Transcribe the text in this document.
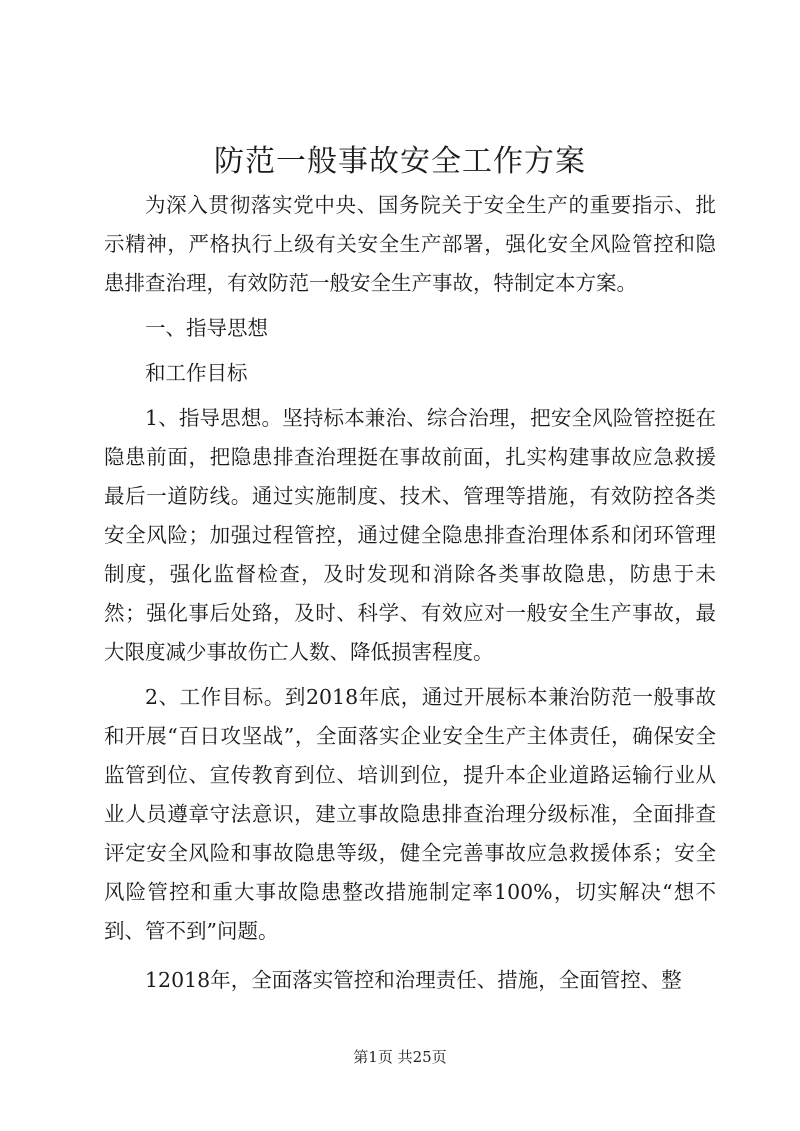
防范一般事故安全工作方案

为深入贯彻落实党中央、国务院关于安全生产的重要指示、批示精神，严格执行上级有关安全生产部署，强化安全风险管控和隐患排查治理，有效防范一般安全生产事故，特制定本方案。

一、指导思想

和工作目标

1、指导思想。坚持标本兼治、综合治理，把安全风险管控挺在隐患前面，把隐患排查治理挺在事故前面，扎实构建事故应急救援最后一道防线。通过实施制度、技术、管理等措施，有效防控各类安全风险；加强过程管控，通过健全隐患排查治理体系和闭环管理制度，强化监督检查，及时发现和消除各类事故隐患，防患于未然；强化事后处臵，及时、科学、有效应对一般安全生产事故，最大限度减少事故伤亡人数、降低损害程度。

2、工作目标。到2018年底，通过开展标本兼治防范一般事故和开展“百日攻坚战”，全面落实企业安全生产主体责任，确保安全监管到位、宣传教育到位、培训到位，提升本企业道路运输行业从业人员遵章守法意识，建立事故隐患排查治理分级标准，全面排查评定安全风险和事故隐患等级，健全完善事故应急救援体系；安全风险管控和重大事故隐患整改措施制定率100%，切实解决“想不到、管不到”问题。

12018年，全面落实管控和治理责任、措施，全面管控、整

第1页 共25页
